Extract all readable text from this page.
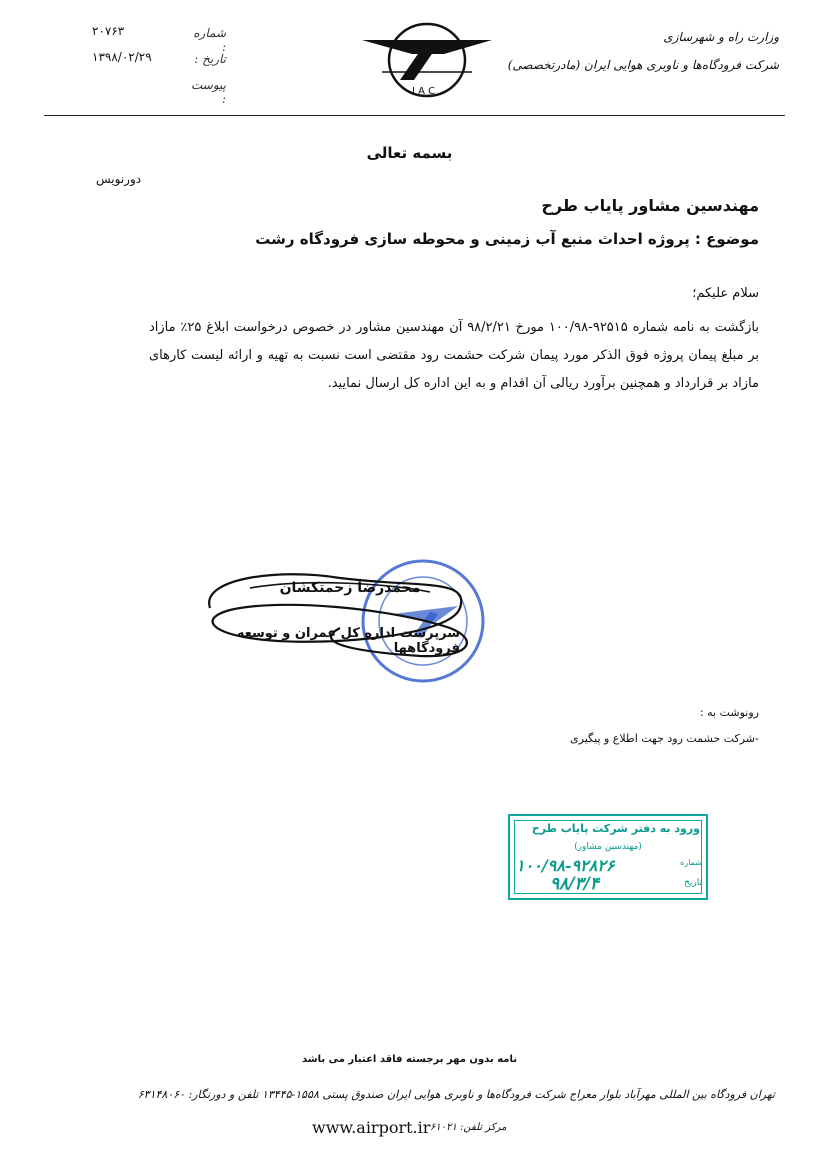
وزارت راه و شهرسازی
شرکت فرودگاه‌ها و ناوبری هوایی ایران (مادرتخصصی)
I A C
شماره :
۲۰۷۶۳
تاریخ :
۱۳۹۸/۰۲/۲۹
پیوست :
بسمه تعالی
دورنویس
مهندسین مشاور پایاب طرح
موضوع : پروژه احداث منبع آب زمینی و محوطه سازی فرودگاه رشت
سلام علیکم؛
بازگشت به نامه شماره ۹۲۵۱۵-۱۰۰/۹۸ مورخ ۹۸/۲/۲۱ آن مهندسین مشاور در خصوص درخواست ابلاغ ۲۵٪ مازاد بر مبلغ پیمان پروژه فوق الذکر مورد پیمان شرکت حشمت رود مقتضی است نسبت به تهیه و ارائه لیست کارهای مازاد بر قرارداد و همچنین برآورد ریالی آن اقدام و به این اداره کل ارسال نمایید.
محمدرضا زحمتکشان
سرپرست اداره کل عمران و توسعه فرودگاهها
رونوشت به :
-شرکت حشمت رود جهت اطلاع و پیگیری
ورود به دفتر شرکت پایاب طرح
(مهندسین مشاور)
شماره
۱۰۰/۹۸-۹۲۸۲۶
تاریخ
۹۸/۳/۴
نامه بدون مهر برجسته فاقد اعتبار می باشد
تهران فرودگاه بین المللی مهرآباد بلوار معراج شرکت فرودگاه‌ها و ناوبری هوایی ایران صندوق پستی ۱۵۵۸-۱۳۴۴۵ تلفن و دورنگار: ۶۳۱۴۸۰۶۰
www.airport.ir مرکز تلفن: ۶۱۰۲۱
